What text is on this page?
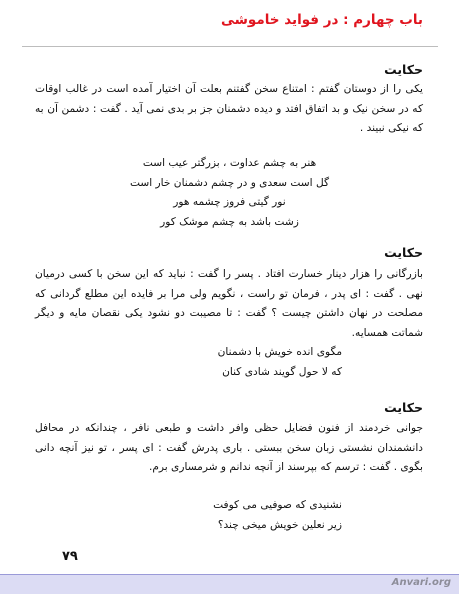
باب چهارم : در فواید خاموشی
حکایت

یکی را از دوستان گفتم : امتناع سخن گفتنم بعلت آن اختیار آمده است در غالب اوقات که در سخن نیک و بد اتفاق افتد و دیده دشمنان جز بر بدی نمی آید . گفت : دشمن آن به که نیکی نبیند .

هنر به چشم عداوت ، بزرگتر عیب است
گل است سعدی و در چشم دشمنان خار است
نور گیتی فروز چشمه هور
زشت باشد به چشم موشک کور
حکایت

بازرگانی را هزار دینار خسارت افتاد . پسر را گفت : نباید که این سخن با کسی درمیان نهی . گفت : ای پدر ، فرمان تو راست ، نگویم ولی مرا بر فایده این مطلع گردانی که مصلحت در نهان داشتن چیست ؟ گفت : تا مصیبت دو نشود یکی نقصان مایه و دیگر شماتت همسایه.

مگوی انده خویش با دشمنان
که لا حول گویند شادی کنان
حکایت

جوانی خردمند از فنون فضایل حظی وافر داشت و طبعی نافر ، چندانکه در محافل دانشمندان نشستی زبان سخن ببستی . باری پدرش گفت : ای پسر ، تو نیز آنچه دانی بگوی . گفت : ترسم که بپرسند از آنچه ندانم و شرمساری برم.

نشنیدی که صوفیی می کوفت
زیر نعلین خویش میخی چند؟

۷۹

Anvari.org
